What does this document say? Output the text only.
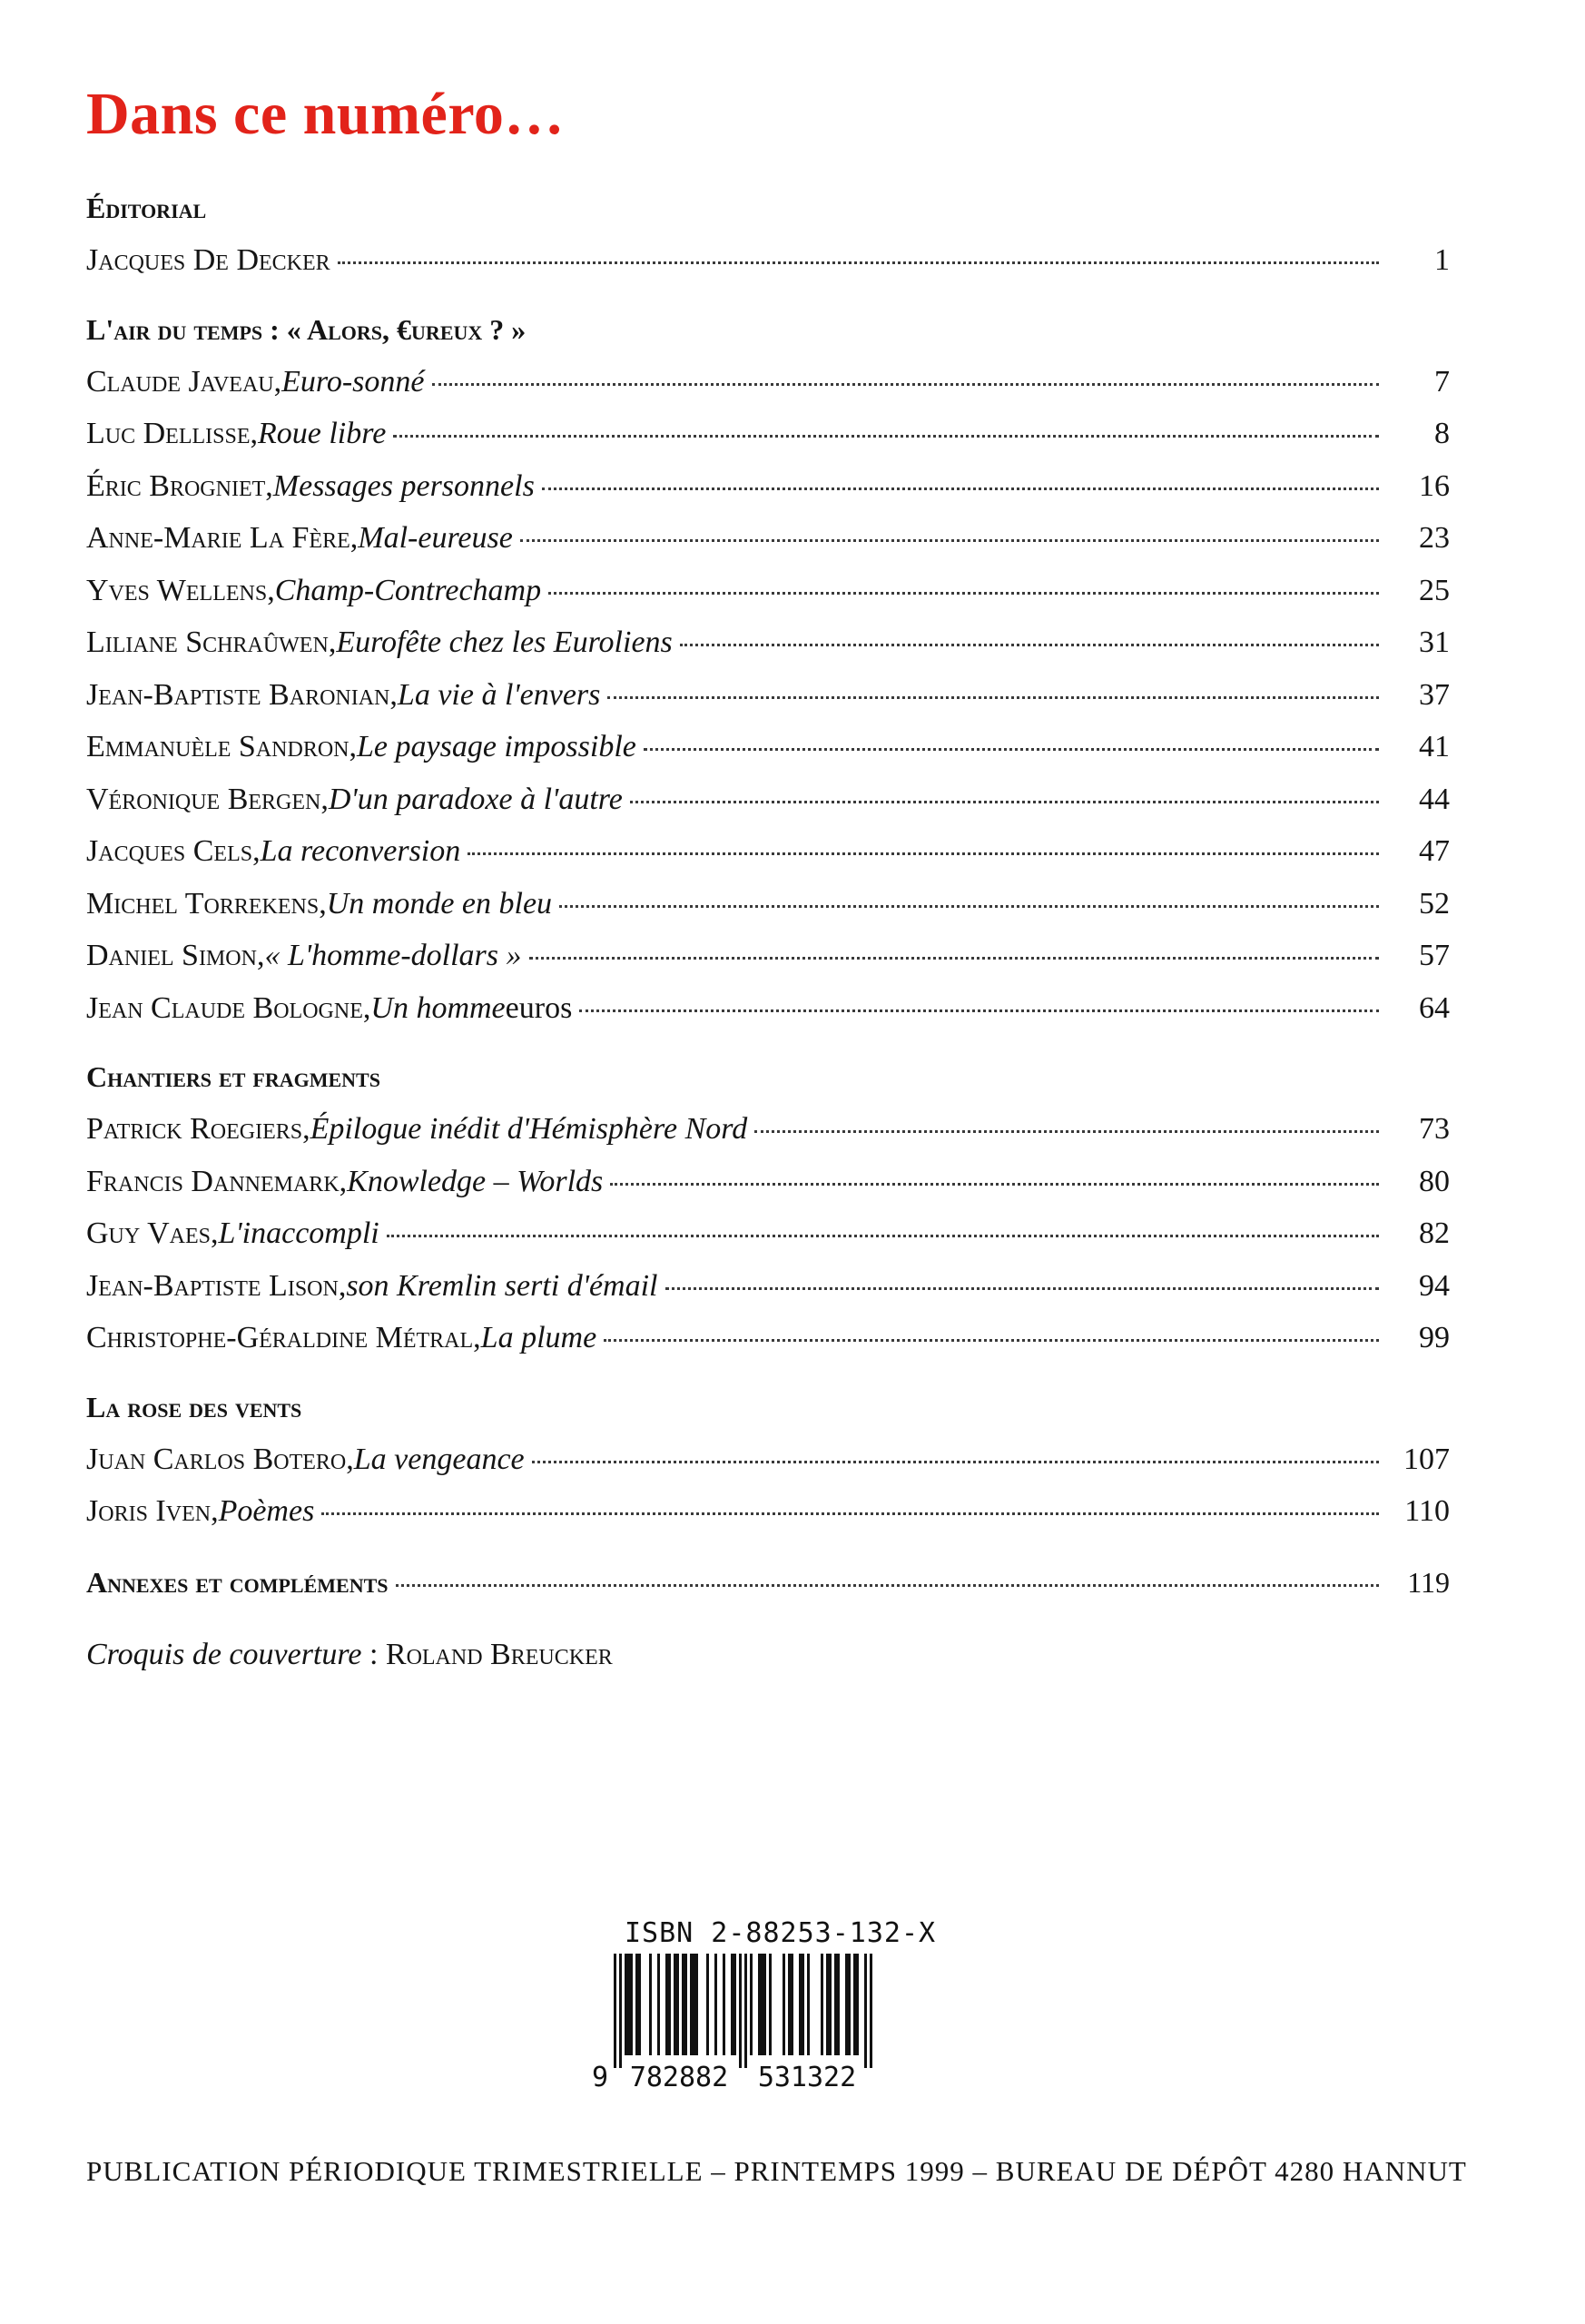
Dans ce numéro…
Éditorial
Jacques De Decker	1
L'air du temps : « Alors, €ureux ? »
Claude Javeau , Euro-sonné	7
Luc Dellisse , Roue libre	8
Éric Brogniet , Messages personnels	16
Anne-Marie La Fère , Mal-eureuse	23
Yves Wellens , Champ-Contrechamp	25
Liliane Schraûwen , Eurofête chez les Euroliens	31
Jean-Baptiste Baronian , La vie à l'envers	37
Emmanuèle Sandron , Le paysage impossible	41
Véronique Bergen , D'un paradoxe à l'autre	44
Jacques Cels , La reconversion	47
Michel Torrekens , Un monde en bleu	52
Daniel Simon , « L'homme-dollars »	57
Jean Claude Bologne , Un homme euros	64
Chantiers et fragments
Patrick Roegiers , Épilogue inédit d'Hémisphère Nord	73
Francis Dannemark , Knowledge – Worlds	80
Guy Vaes , L'inaccompli	82
Jean-Baptiste Lison , son Kremlin serti d'émail	94
Christophe-Géraldine Métral , La plume	99
La rose des vents
Juan Carlos Botero , La vengeance	107
Joris Iven , Poèmes	110
Annexes et compléments	119
Croquis de couverture : Roland Breucker
ISBN 2-88253-132-X
9 782882 531322
PUBLICATION PÉRIODIQUE TRIMESTRIELLE – PRINTEMPS 1999 – BUREAU DE DÉPÔT 4280 HANNUT
